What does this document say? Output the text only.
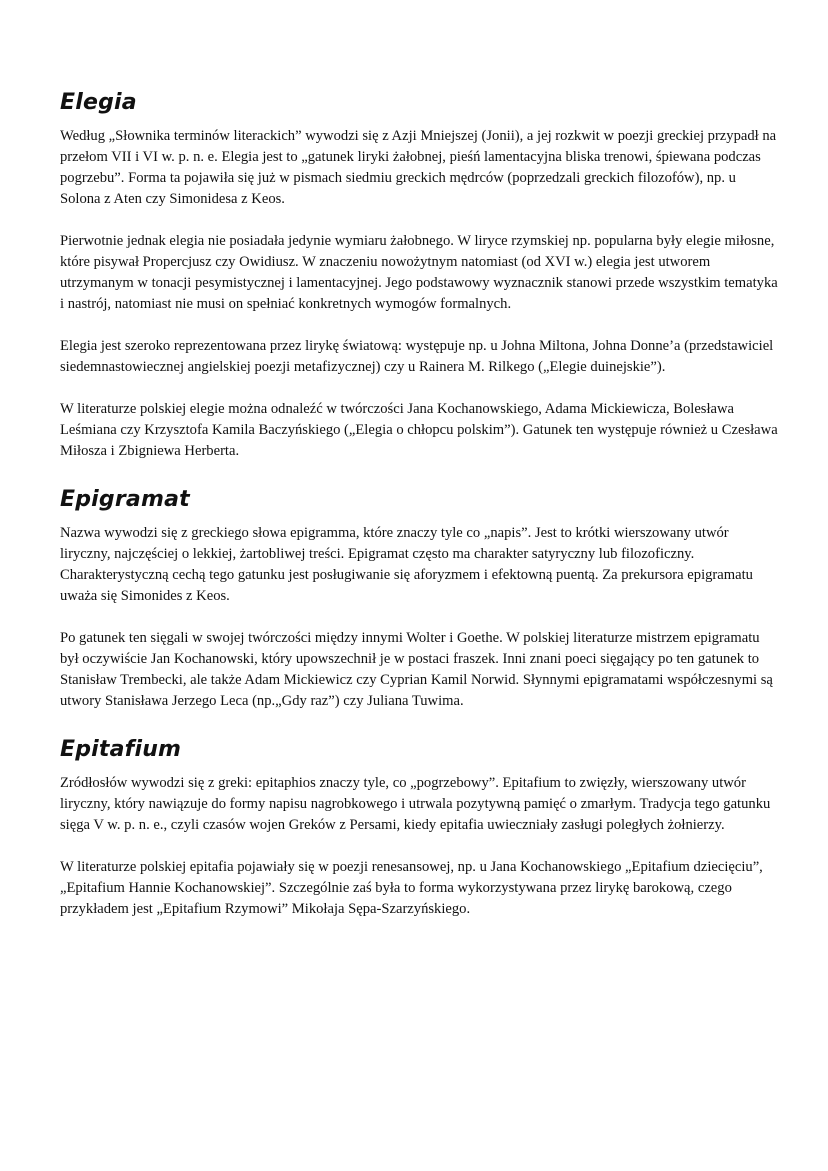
Elegia

Według „Słownika terminów literackich” wywodzi się z Azji Mniejszej (Jonii), a jej rozkwit w poezji greckiej przypadł na przełom VII i VI w. p. n. e. Elegia jest to „gatunek liryki żałobnej, pieśń lamentacyjna bliska trenowi, śpiewana podczas pogrzebu”. Forma ta pojawiła się już w pismach siedmiu greckich mędrców (poprzedzali greckich filozofów), np. u Solona z Aten czy Simonidesa z Keos.

Pierwotnie jednak elegia nie posiadała jedynie wymiaru żałobnego. W liryce rzymskiej np. popularna były elegie miłosne, które pisywał Propercjusz czy Owidiusz. W znaczeniu nowożytnym natomiast (od XVI w.) elegia jest utworem utrzymanym w tonacji pesymistycznej i lamentacyjnej. Jego podstawowy wyznacznik stanowi przede wszystkim tematyka i nastrój, natomiast nie musi on spełniać konkretnych wymogów formalnych.

Elegia jest szeroko reprezentowana przez lirykę światową: występuje np. u Johna Miltona, Johna Donne’a (przedstawiciel siedemnastowiecznej angielskiej poezji metafizycznej) czy u Rainera M. Rilkego („Elegie duinejskie”).

W literaturze polskiej elegie można odnaleźć w twórczości Jana Kochanowskiego, Adama Mickiewicza, Bolesława Leśmiana czy Krzysztofa Kamila Baczyńskiego („Elegia o chłopcu polskim”). Gatunek ten występuje również u Czesława Miłosza i Zbigniewa Herberta.

Epigramat

Nazwa wywodzi się z greckiego słowa epigramma, które znaczy tyle co „napis”. Jest to krótki wierszowany utwór liryczny, najczęściej o lekkiej, żartobliwej treści. Epigramat często ma charakter satyryczny lub filozoficzny. Charakterystyczną cechą tego gatunku jest posługiwanie się aforyzmem i efektowną puentą. Za prekursora epigramatu uważa się Simonides z Keos.

Po gatunek ten sięgali w swojej twórczości między innymi Wolter i Goethe. W polskiej literaturze mistrzem epigramatu był oczywiście Jan Kochanowski, który upowszechnił je w postaci fraszek. Inni znani poeci sięgający po ten gatunek to Stanisław Trembecki, ale także Adam Mickiewicz czy Cyprian Kamil Norwid. Słynnymi epigramatami współczesnymi są utwory Stanisława Jerzego Leca (np.„Gdy raz”) czy Juliana Tuwima.

Epitafium

Zródłosłów wywodzi się z greki: epitaphios znaczy tyle, co „pogrzebowy”. Epitafium to zwięzły, wierszowany utwór liryczny, który nawiązuje do formy napisu nagrobkowego i utrwala pozytywną pamięć o zmarłym. Tradycja tego gatunku sięga V w. p. n. e., czyli czasów wojen Greków z Persami, kiedy epitafia uwieczniały zasługi poległych żołnierzy.

W literaturze polskiej epitafia pojawiały się w poezji renesansowej, np. u Jana Kochanowskiego „Epitafium dziecięciu”, „Epitafium Hannie Kochanowskiej”. Szczególnie zaś była to forma wykorzystywana przez lirykę barokową, czego przykładem jest „Epitafium Rzymowi” Mikołaja Sępa-Szarzyńskiego.
